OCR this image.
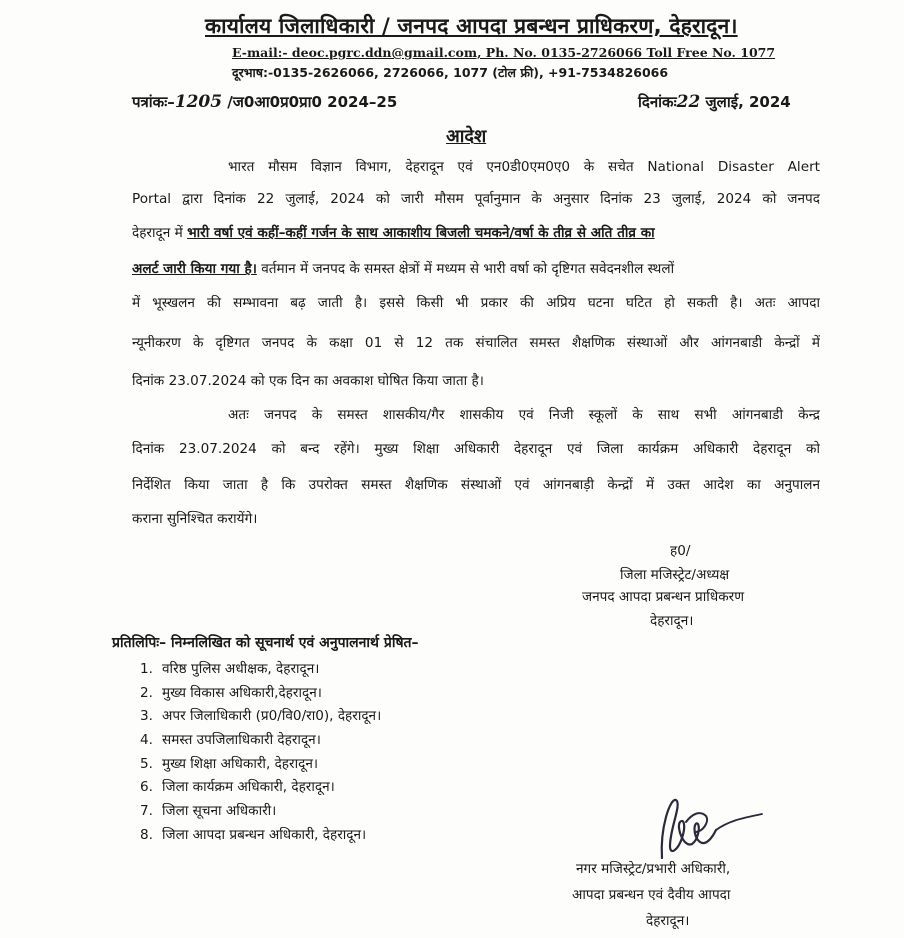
कार्यालय जिलाधिकारी / जनपद आपदा प्रबन्धन प्राधिकरण, देहरादून।
E-mail:- deoc.pgrc.ddn@gmail.com, Ph. No. 0135-2726066 Toll Free No. 1077
दूरभाष:-0135-2626066, 2726066, 1077 (टोल फ्री), +91-7534826066
पत्रांकः–1205 /ज0आ0प्र0प्रा0 2024–25	दिनांकः22 जुलाई, 2024
आदेश
भारत मौसम विज्ञान विभाग, देहरादून एवं एन0डी0एम0ए0 के सचेत National Disaster Alert
Portal द्वारा दिनांक 22 जुलाई, 2024 को जारी मौसम पूर्वानुमान के अनुसार दिनांक 23 जुलाई, 2024 को जनपद
देहरादून में भारी वर्षा एवं कहीं–कहीं गर्जन के साथ आकाशीय बिजली चमकने/वर्षा के तीव्र से अति तीव्र का
अलर्ट जारी किया गया है। वर्तमान में जनपद के समस्त क्षेत्रों में मध्यम से भारी वर्षा को दृष्टिगत सवेदनशील स्थलों
में भूस्खलन की सम्भावना बढ़ जाती है। इससे किसी भी प्रकार की अप्रिय घटना घटित हो सकती है। अतः आपदा
न्यूनीकरण के दृष्टिगत जनपद के कक्षा 01 से 12 तक संचालित समस्त शैक्षणिक संस्थाओं और आंगनबाडी केन्द्रों में
दिनांक 23.07.2024 को एक दिन का अवकाश घोषित किया जाता है।
अतः जनपद के समस्त शासकीय/गैर शासकीय एवं निजी स्कूलों के साथ सभी आंगनबाडी केन्द्र
दिनांक 23.07.2024 को बन्द रहेंगे। मुख्य शिक्षा अधिकारी देहरादून एवं जिला कार्यक्रम अधिकारी देहरादून को
निर्देशित किया जाता है कि उपरोक्त समस्त शैक्षणिक संस्थाओं एवं आंगनबाड़ी केन्द्रों में उक्त आदेश का अनुपालन
कराना सुनिश्चित करायेंगे।
ह0/
जिला मजिस्ट्रेट/अध्यक्ष
जनपद आपदा प्रबन्धन प्राधिकरण
देहरादून।
प्रतिलिपिः– निम्नलिखित को सूचनार्थ एवं अनुपालनार्थ प्रेषित–
1. वरिष्ठ पुलिस अधीक्षक, देहरादून।
2. मुख्य विकास अधिकारी,देहरादून।
3. अपर जिलाधिकारी (प्र0/वि0/रा0), देहरादून।
4. समस्त उपजिलाधिकारी देहरादून।
5. मुख्य शिक्षा अधिकारी, देहरादून।
6. जिला कार्यक्रम अधिकारी, देहरादून।
7. जिला सूचना अधिकारी।
8. जिला आपदा प्रबन्धन अधिकारी, देहरादून।
नगर मजिस्ट्रेट/प्रभारी अधिकारी,
आपदा प्रबन्धन एवं दैवीय आपदा
देहरादून।
